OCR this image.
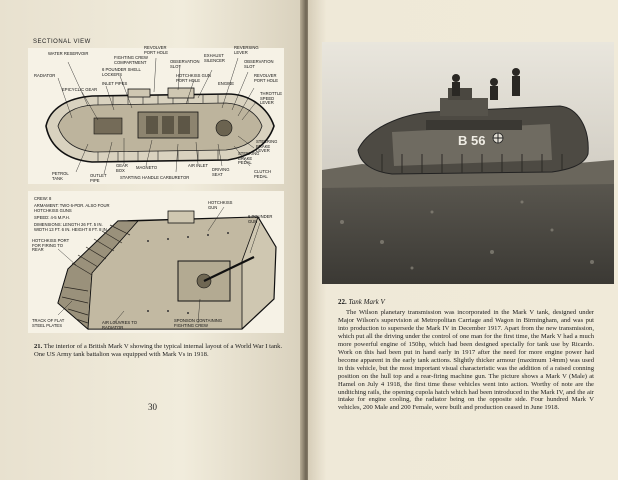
SECTIONAL VIEW
WATER RESERVOIR
RADIATOR
EPICYCLIC GEAR
INLET PIPES
6 POUNDER SHELL LOCKERS
FIGHTING CREW COMPARTMENT
REVOLVER PORT HOLE
OBSERVATION SLOT
HOTCHKISS GUN PORT HOLE
EXHAUST SILENCER
ENGINE
REVERSING LEVER
OBSERVATION SLOT
REVOLVER PORT HOLE
THROTTLE SPEED LEVER
STEERING BRAKE LEVER
STEERING BRAKE PEDAL
CLUTCH PEDAL
DRIVING SEAT
AIR INLET
CARBURETOR
MAGNETO
GEAR BOX
STARTING HANDLE
OUTLET PIPE
PETROL TANK
HOTCHKISS GUN
6 POUNDER GUN
HOTCHKISS PORT FOR FIRING TO REAR
TRACK OF FLAT STEEL PLATES
AIR LOUVRES TO RADIATOR
SPONSON CONTAINING FIGHTING CREW
CREW: 8
ARMAMENT: TWO 6-PDR. ALSO FOUR HOTCHKISS GUNS
SPEED: 4-5 M.P.H.
DIMENSIONS: LENGTH 26 FT. 5 IN. WIDTH 13 FT. 6 IN. HEIGHT 8 FT. 8 IN.
21. The interior of a British Mark V showing the typical internal layout of a World War I tank. One US Army tank battalion was equipped with Mark Vs in 1918.
30
B 56
22. Tank Mark V
The Wilson planetary transmission was incorporated in the Mark V tank, designed under Major Wilson's supervision at Metropolitan Carriage and Wagon in Birmingham, and was put into production to supersede the Mark IV in December 1917. Apart from the new transmission, which put all the driving under the control of one man for the first time, the Mark V had a much more powerful engine of 150hp, which had been designed specially for tank use by Ricardo. Work on this had been put in hand early in 1917 after the need for more engine power had become apparent in the early tank actions. Slightly thicker armour (maximum 14mm) was used in this vehicle, but the most important visual characteristic was the addition of a raised conning position on the hull top and a rear-firing machine gun. The picture shows a Mark V (Male) at Hamel on July 4 1918, the first time these vehicles went into action. Worthy of note are the unditching rails, the opening cupola hatch which had been introduced in the Mark IV, and the air intake for engine cooling, the radiator being on the opposite side. Four hundred Mark V vehicles, 200 Male and 200 Female, were built and production ceased in June 1918.
